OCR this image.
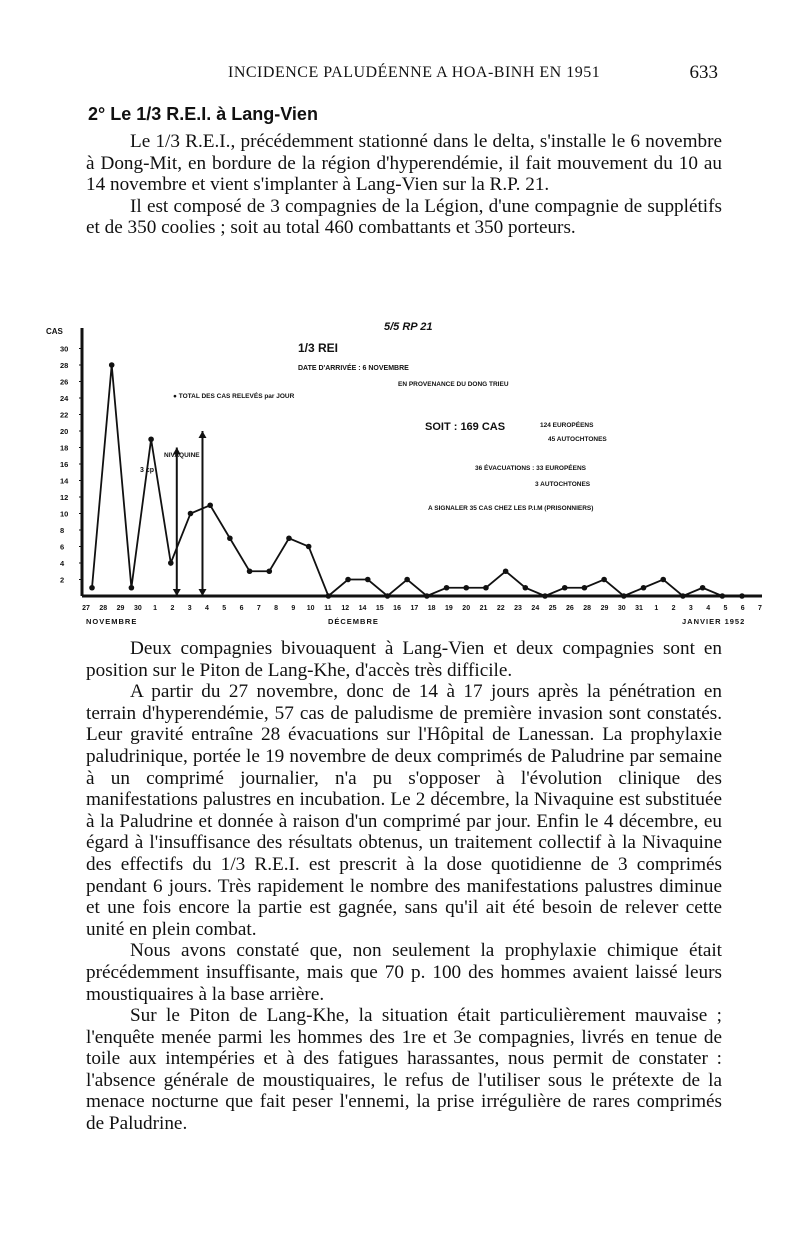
INCIDENCE PALUDÉENNE A HOA-BINH EN 1951	633
2° Le 1/3 R.E.I. à Lang-Vien

Le 1/3 R.E.I., précédemment stationné dans le delta, s'installe le 6 novembre à Dong-Mit, en bordure de la région d'hyperendémie, il fait mouvement du 10 au 14 novembre et vient s'implanter à Lang-Vien sur la R.P. 21.

Il est composé de 3 compagnies de la Légion, d'une compagnie de supplétifs et de 350 coolies ; soit au total 460 combattants et 350 porteurs.

CAS
2
4
6
8
10
12
14
16
18
20
22
24
26
28
30
27 28 29 30 1 2 3 4 5 6 7 8 9 10 11 12 14 15 16 17 18 19 20 21 22 23 24 25 26 28 29 30 31 1 2 3 4 5 6 7
NOVEMBRE	DÉCEMBRE	JANVIER 1952
1/3 REI
5/5 RP 21
● TOTAL DES CAS RELEVÉS par JOUR
DATE D'ARRIVÉE : 6 NOVEMBRE
EN PROVENANCE DU DONG TRIEU
SOIT : 169 CAS	124 EUROPÉENS
45 AUTOCHTONES
36 ÉVACUATIONS : 33 EUROPÉENS
3 AUTOCHTONES
A SIGNALER 35 CAS CHEZ LES P.I.M (PRISONNIERS)
NIVAQUINE
3 cp

Deux compagnies bivouaquent à Lang-Vien et deux compagnies sont en position sur le Piton de Lang-Khe, d'accès très difficile.

A partir du 27 novembre, donc de 14 à 17 jours après la pénétration en terrain d'hyperendémie, 57 cas de paludisme de première invasion sont constatés. Leur gravité entraîne 28 évacuations sur l'Hôpital de Lanessan. La prophylaxie paludrinique, portée le 19 novembre de deux comprimés de Paludrine par semaine à un comprimé journalier, n'a pu s'opposer à l'évolution clinique des manifestations palustres en incubation. Le 2 décembre, la Nivaquine est substituée à la Paludrine et donnée à raison d'un comprimé par jour. Enfin le 4 décembre, eu égard à l'insuffisance des résultats obtenus, un traitement collectif à la Nivaquine des effectifs du 1/3 R.E.I. est prescrit à la dose quotidienne de 3 comprimés pendant 6 jours. Très rapidement le nombre des manifestations palustres diminue et une fois encore la partie est gagnée, sans qu'il ait été besoin de relever cette unité en plein combat.

Nous avons constaté que, non seulement la prophylaxie chimique était précédemment insuffisante, mais que 70 p. 100 des hommes avaient laissé leurs moustiquaires à la base arrière.

Sur le Piton de Lang-Khe, la situation était particulièrement mauvaise ; l'enquête menée parmi les hommes des 1re et 3e compagnies, livrés en tenue de toile aux intempéries et à des fatigues harassantes, nous permit de constater : l'absence générale de moustiquaires, le refus de l'utiliser sous le prétexte de la menace nocturne que fait peser l'ennemi, la prise irrégulière de rares comprimés de Paludrine.
